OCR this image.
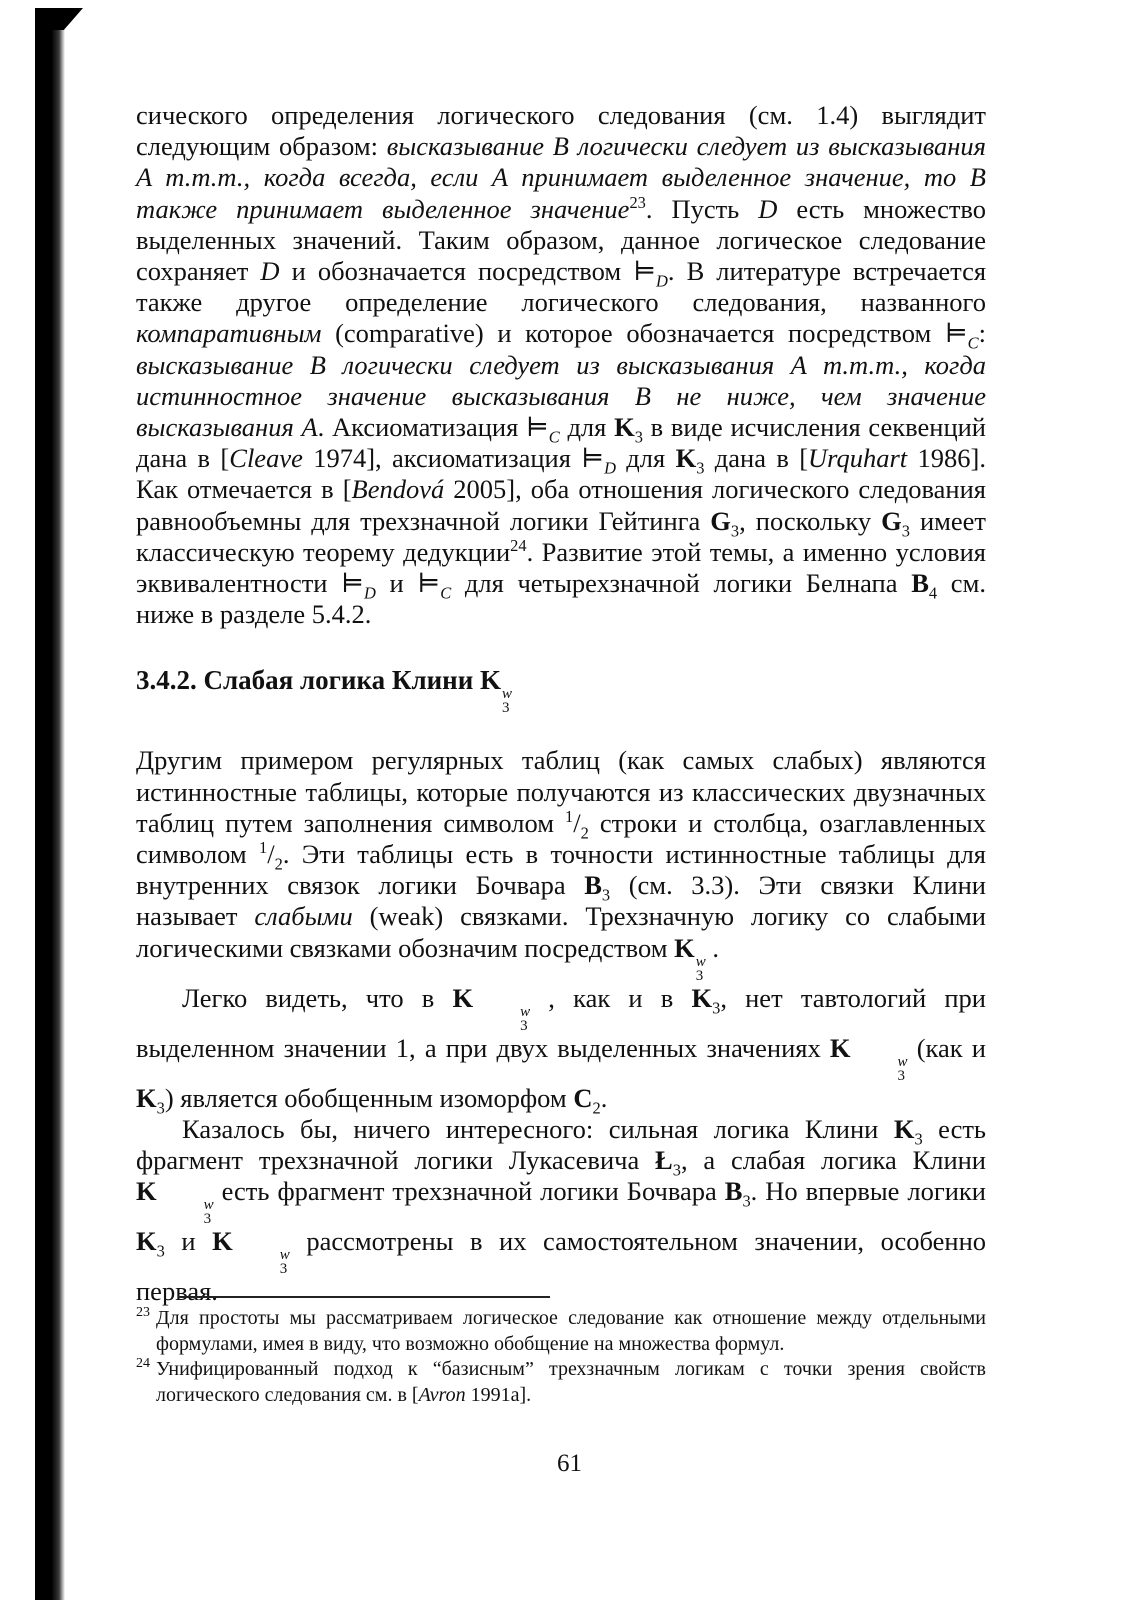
сического определения логического следования (см. 1.4) выглядит следующим образом: высказывание B логически следует из высказывания A т.т.т., когда всегда, если A принимает выделенное значение, то B также принимает выделенное значение$^{23}$. Пусть D есть множество выделенных значений. Таким образом, данное логическое следование сохраняет D и обозначается посредством $⊨_D$. В литературе встречается также другое определение логического следования, названного компаративным (comparative) и которое обозначается посредством $⊨_C$: высказывание B логически следует из высказывания A т.т.т., когда истинностное значение высказывания B не ниже, чем значение высказывания A. Аксиоматизация $⊨_C$ для $K_3$ в виде исчисления секвенций дана в [Cleave 1974], аксиоматизация $⊨_D$ для $K_3$ дана в [Urquhart 1986]. Как отмечается в [Bendová 2005], оба отношения логического следования равнообъемны для трехзначной логики Гейтинга $G_3$, поскольку $G_3$ имеет классическую теорему дедукции$^{24}$. Развитие этой темы, а именно условия эквивалентности $⊨_D$ и $⊨_C$ для четырехзначной логики Белнапа $B_4$ см. ниже в разделе 5.4.2.

3.4.2. Слабая логика Клини K w
3

Другим примером регулярных таблиц (как самых слабых) являются истинностные таблицы, которые получаются из классических двузначных таблиц путем заполнения символом $^1/_2$ строки и столбца, озаглавленных символом $^1/_2$. Эти таблицы есть в точности истинностные таблицы для внутренних связок логики Бочвара $B_3$ (см. 3.3). Эти связки Клини называет слабыми (weak) связками. Трехзначную логику со слабыми логическими связками обозначим посредством K w
3
.

Легко видеть, что в K	w
3
, как и в $K_3$, нет тавтологий при выделенном значении 1, а при двух выделенных значениях K	w
3
(как и $K_3$) является обобщенным изоморфом $C_2$.

Казалось бы, ничего интересного: сильная логика Клини $K_3$ есть фрагмент трехзначной логики Лукасевича $Ł_3$, а слабая логика Клини K	w
3
есть фрагмент трехзначной логики Бочвара $B_3$. Но впервые логики $K_3$ и K	w
3
рассмотрены в их самостоятельном значении, особенно первая.

23 Для простоты мы рассматриваем логическое следование как отношение между отдельными формулами, имея в виду, что возможно обобщение на множества формул.

24 Унифицированный подход к “базисным” трехзначным логикам с точки зрения свойств логического следования см. в [Avron 1991a].

61
